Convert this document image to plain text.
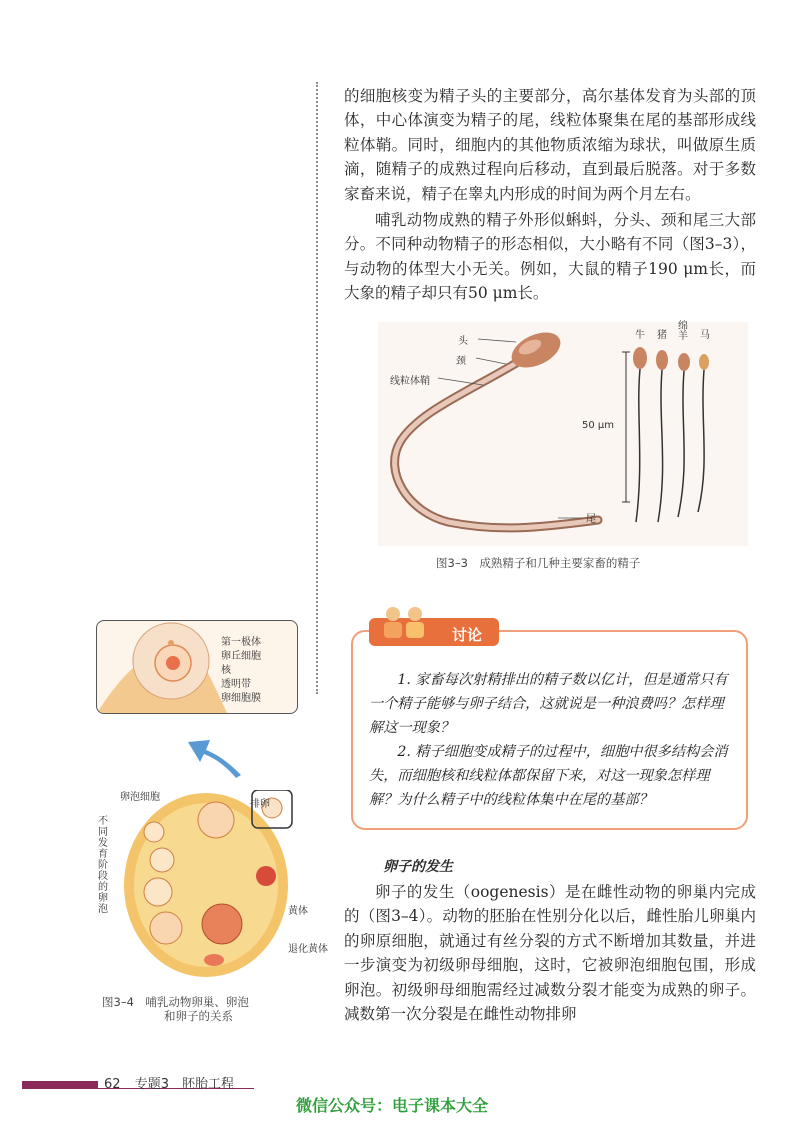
的细胞核变为精子头的主要部分，高尔基体发育为头部的顶体，中心体演变为精子的尾，线粒体聚集在尾的基部形成线粒体鞘。同时，细胞内的其他物质浓缩为球状，叫做原生质滴，随精子的成熟过程向后移动，直到最后脱落。对于多数家畜来说，精子在睾丸内形成的时间为两个月左右。

哺乳动物成熟的精子外形似蝌蚪，分头、颈和尾三大部分。不同种动物精子的形态相似，大小略有不同（图3–3），与动物的体型大小无关。例如，大鼠的精子190 μm长，而大象的精子却只有50 μm长。

头
颈
线粒体鞘
尾
50 μm
牛 猪
绵羊 马
图3–3　成熟精子和几种主要家畜的精子

1. 家畜每次射精排出的精子数以亿计，但是通常只有一个精子能够与卵子结合，这就说是一种浪费吗？怎样理解这一现象？

2. 精子细胞变成精子的过程中，细胞中很多结构会消失，而细胞核和线粒体都保留下来，对这一现象怎样理解？为什么精子中的线粒体集中在尾的基部？

讨论
第一极体
卵丘细胞
核
透明带
卵细胞膜
排卵
卵泡细胞
黄体
退化黄体
不同发育阶段的卵泡
图3–4　哺乳动物卵巢、卵泡
和卵子的关系
卵子的发生

卵子的发生（oogenesis）是在雌性动物的卵巢内完成的（图3–4）。动物的胚胎在性别分化以后，雌性胎儿卵巢内的卵原细胞，就通过有丝分裂的方式不断增加其数量，并进一步演变为初级卵母细胞，这时，它被卵泡细胞包围，形成卵泡。初级卵母细胞需经过减数分裂才能变为成熟的卵子。减数第一次分裂是在雌性动物排卵

62 专题3　胚胎工程
微信公众号：电子课本大全
